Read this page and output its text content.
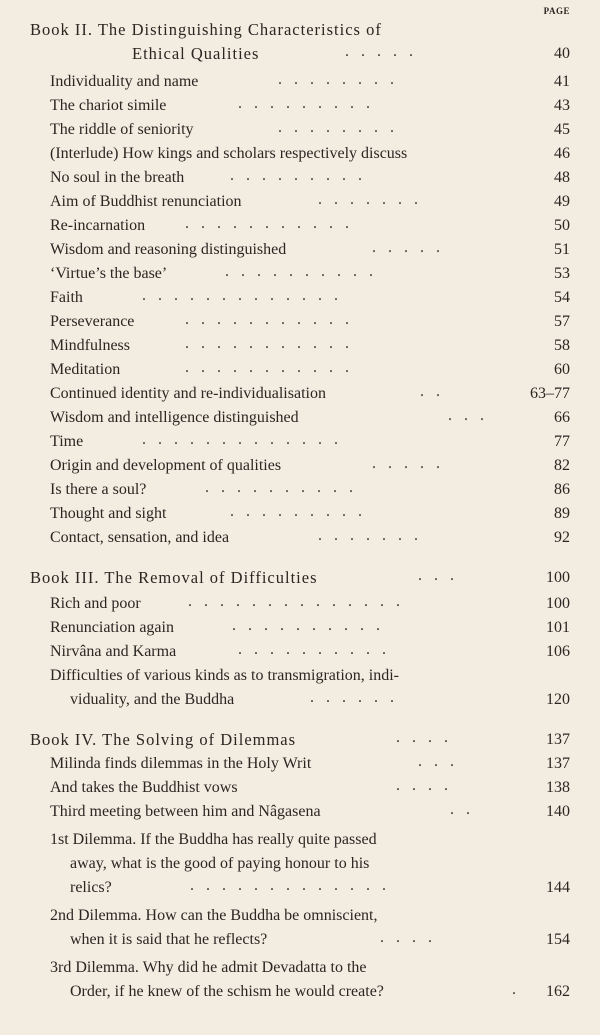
PAGE
Book II. The Distinguishing Characteristics of
Ethical Qualities	.....	40
Individuality and name	........	41
The chariot simile	.........	43
The riddle of seniority	........	45
(Interlude) How kings and scholars respectively discuss	46
No soul in the breath	.........	48
Aim of Buddhist renunciation	.......	49
Re-incarnation ...........	50
Wisdom and reasoning distinguished	.....	51
‘Virtue’s the base’	..........	53
Faith	.............	54
Perseverance	...........	57
Mindfulness	...........	58
Meditation	...........	60
Continued identity and re-individualisation	..	63–77
Wisdom and intelligence distinguished	...	66
Time	.............	77
Origin and development of qualities	.....	82
Is there a soul?	..........	86
Thought and sight	.........	89
Contact, sensation, and idea	.......	92
Book III. The Removal of Difficulties	...	100
Rich and poor	..............	100
Renunciation again	..........	101
Nirvâna and Karma	..........	106
Difficulties of various kinds as to transmigration, indi-
viduality, and the Buddha	......	120
Book IV. The Solving of Dilemmas	....	137
Milinda finds dilemmas in the Holy Writ	...	137
And takes the Buddhist vows	....	138
Third meeting between him and Nâgasena	..	140
1st Dilemma. If the Buddha has really quite passed
away, what is the good of paying honour to his
relics?	.............	144
2nd Dilemma. How can the Buddha be omniscient,
when it is said that he reflects?	....	154
3rd Dilemma. Why did he admit Devadatta to the
Order, if he knew of the schism he would create?	. 162
